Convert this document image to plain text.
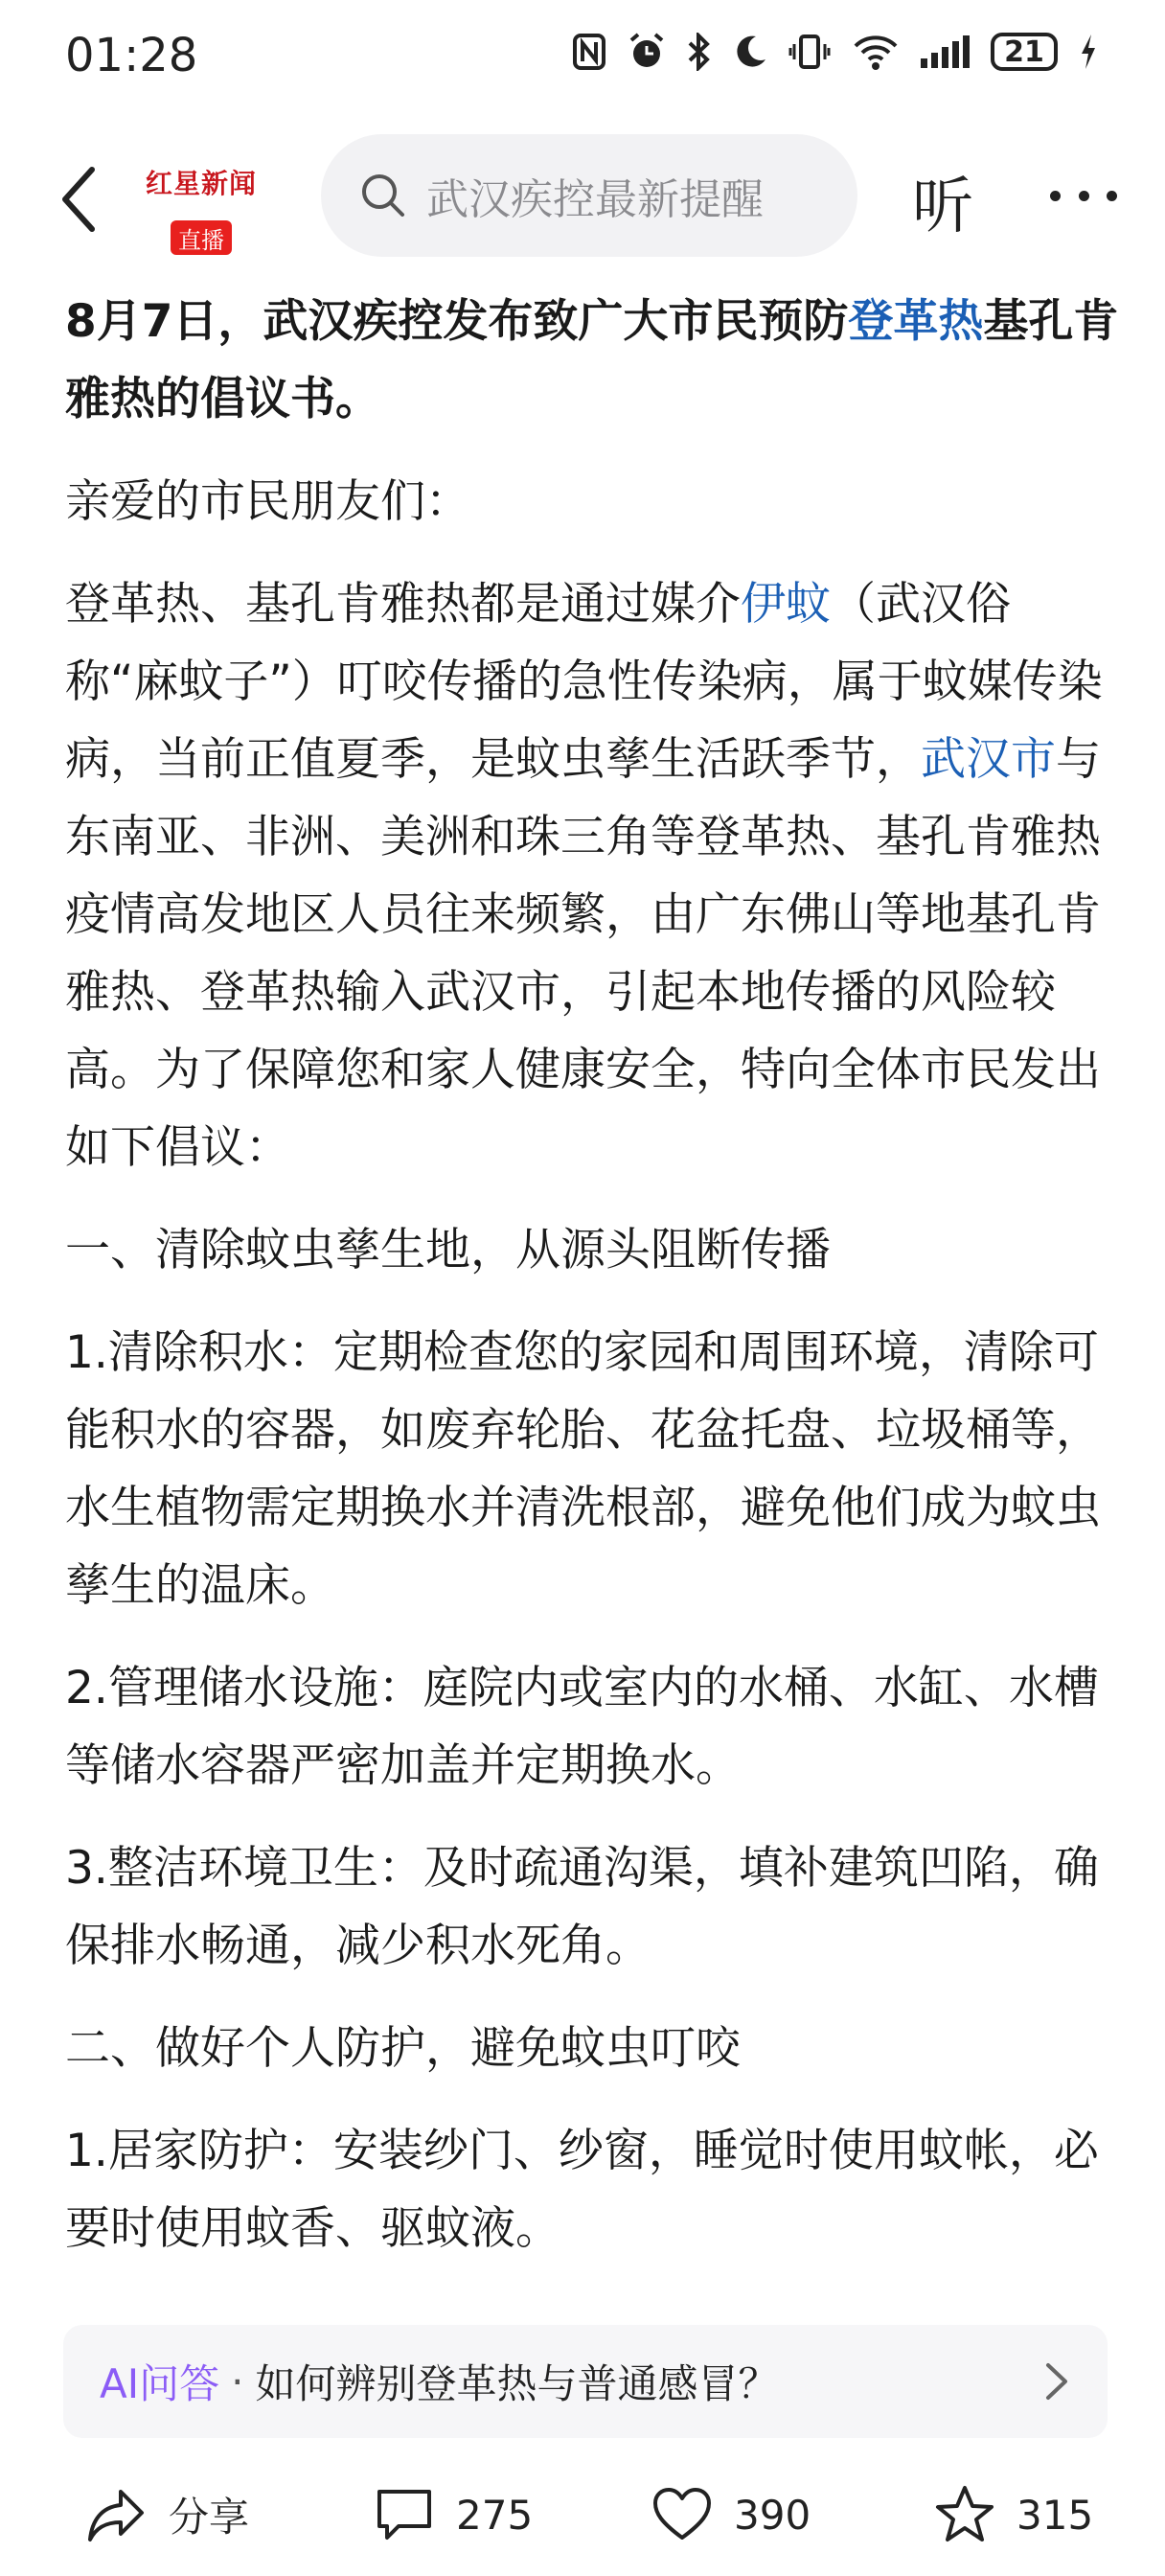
01:28	21
红星新闻
直播
武汉疾控最新提醒 听

8月7日，武汉疾控发布致广大市民预防登革热基孔肯雅热的倡议书。

亲爱的市民朋友们：

登革热、基孔肯雅热都是通过媒介伊蚊（武汉俗称“麻蚊子”）叮咬传播的急性传染病，属于蚊媒传染病，当前正值夏季，是蚊虫孳生活跃季节，武汉市与东南亚、非洲、美洲和珠三角等登革热、基孔肯雅热疫情高发地区人员往来频繁，由广东佛山等地基孔肯雅热、登革热输入武汉市，引起本地传播的风险较高。为了保障您和家人健康安全，特向全体市民发出如下倡议：

一、清除蚊虫孳生地，从源头阻断传播

1.清除积水：定期检查您的家园和周围环境，清除可能积水的容器，如废弃轮胎、花盆托盘、垃圾桶等，水生植物需定期换水并清洗根部，避免他们成为蚊虫孳生的温床。

2.管理储水设施：庭院内或室内的水桶、水缸、水槽等储水容器严密加盖并定期换水。

3.整洁环境卫生：及时疏通沟渠，填补建筑凹陷，确保排水畅通，减少积水死角。

二、做好个人防护，避免蚊虫叮咬

1.居家防护：安装纱门、纱窗，睡觉时使用蚊帐，必要时使用蚊香、驱蚊液。

AI问答 · 如何辨别登革热与普通感冒？
分享	275	390	315
